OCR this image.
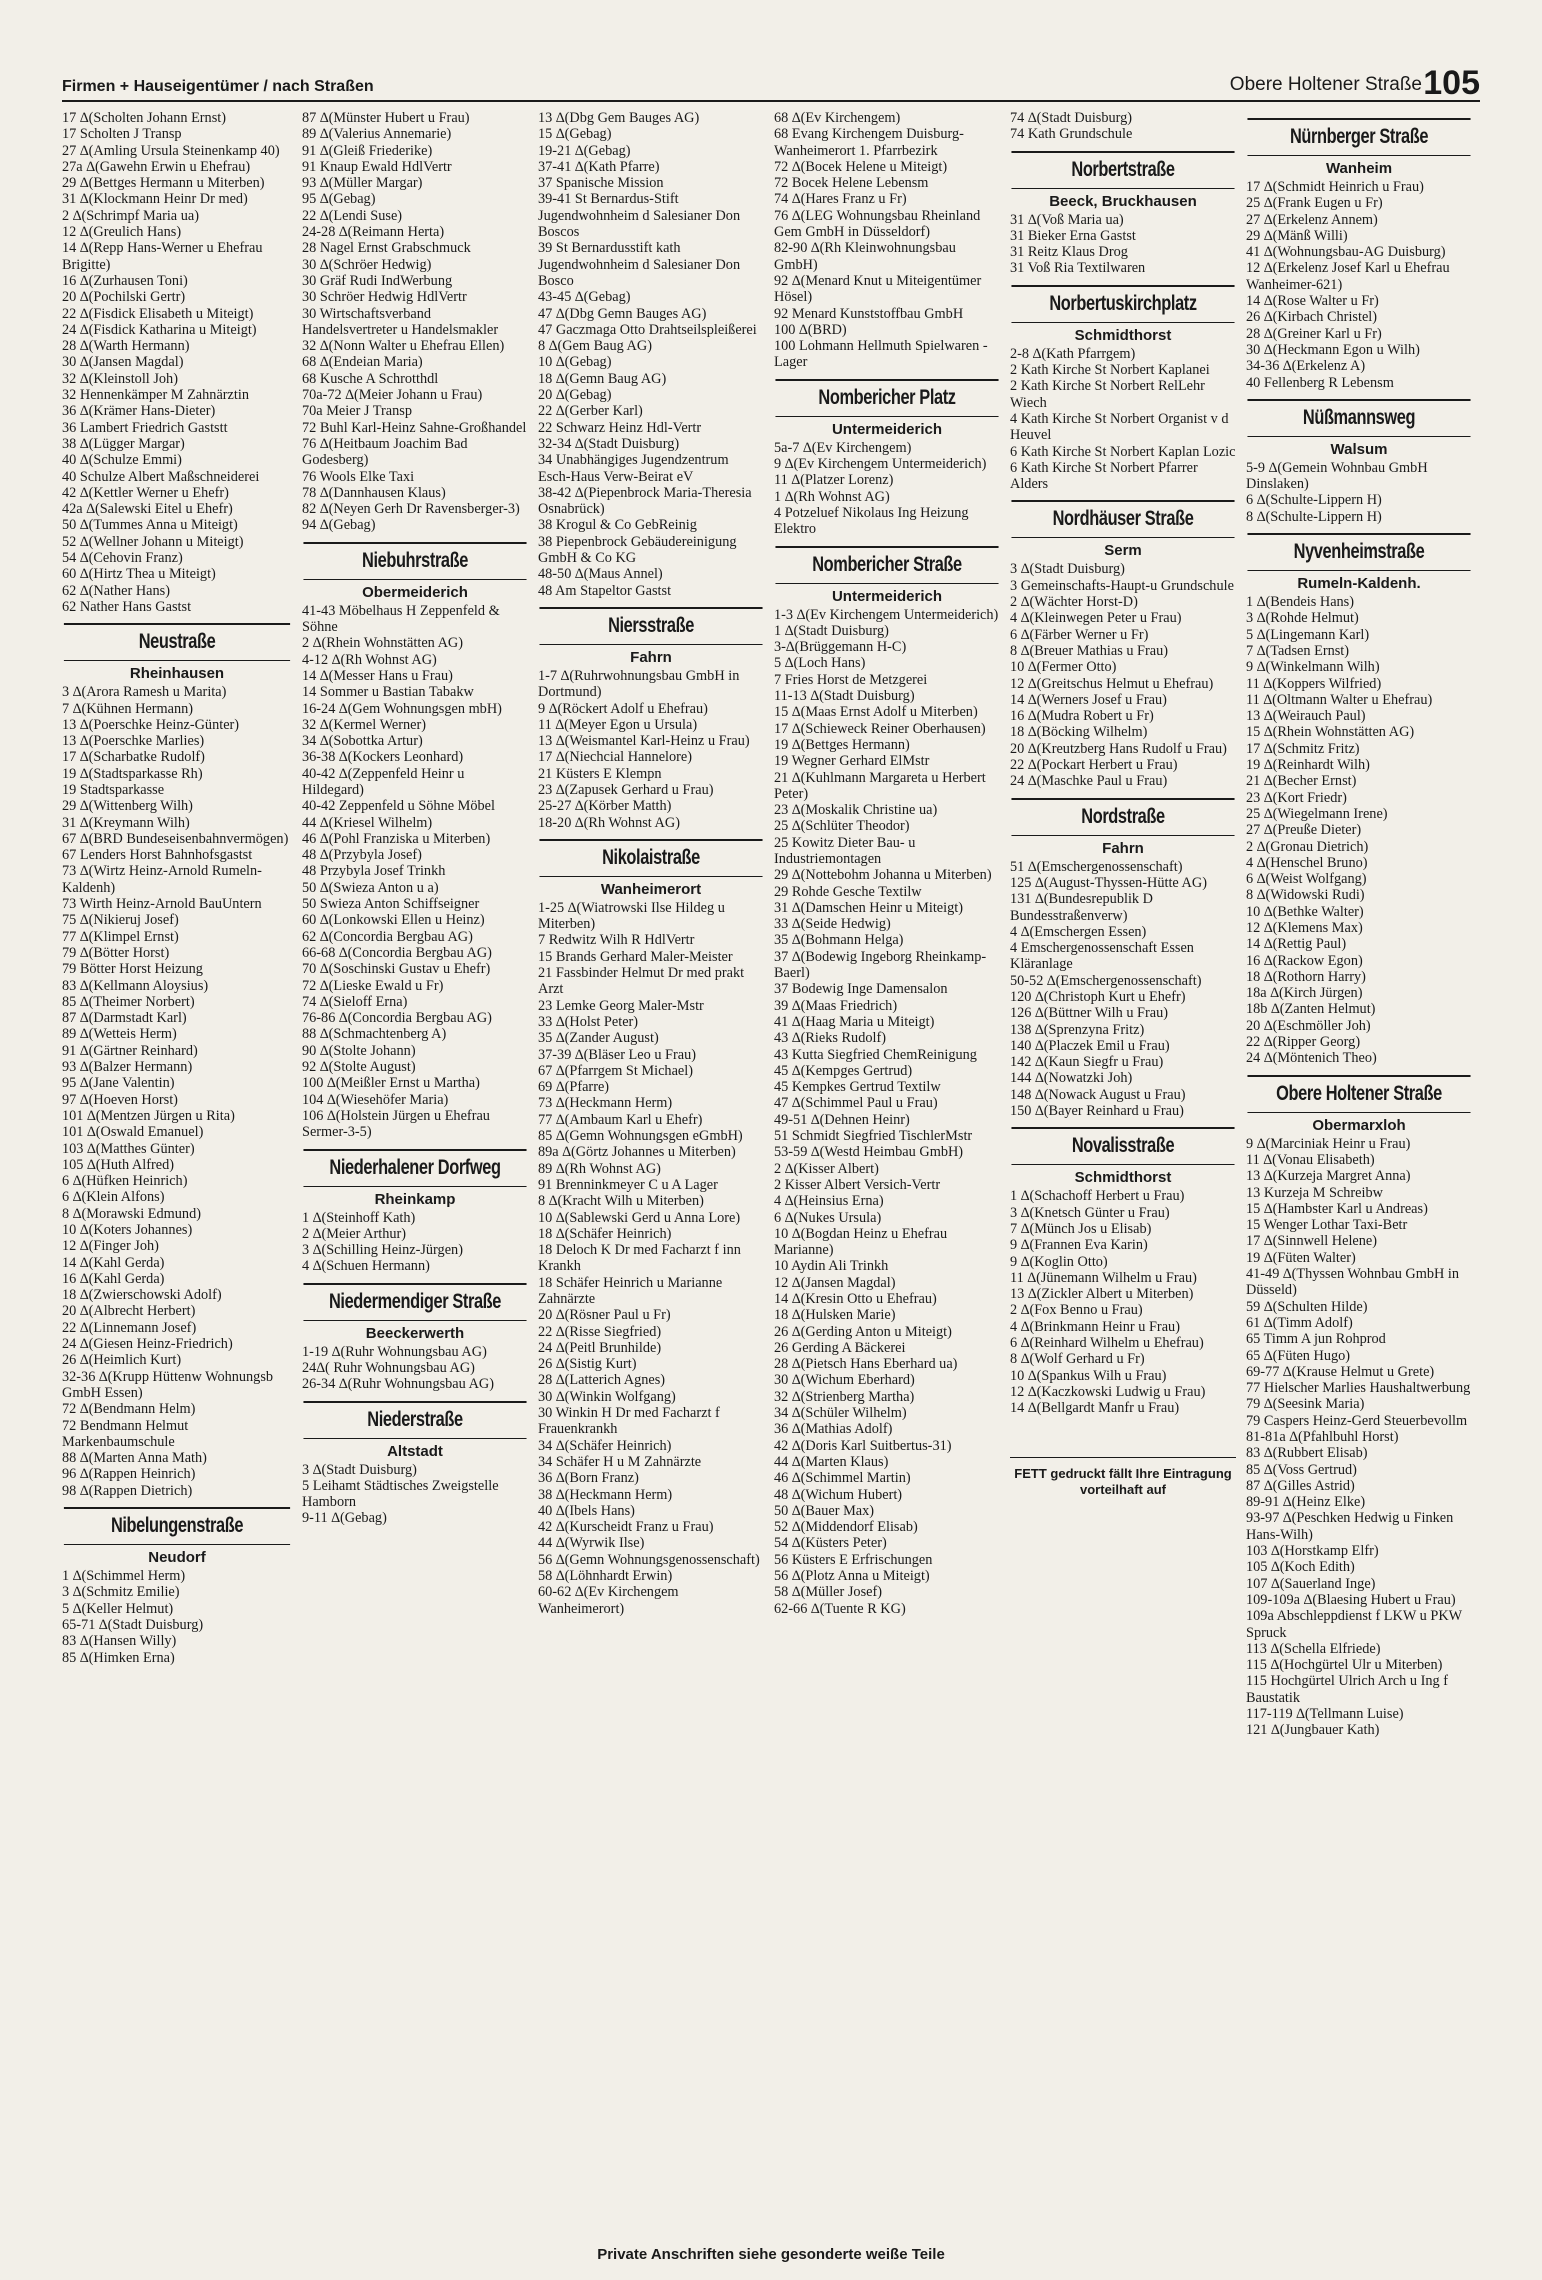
Firmen + Hauseigentümer / nach Straßen	Obere Holtener Straße 105

17 ∆(Scholten Johann Ernst)

17 Scholten J Transp

27 ∆(Amling Ursula Steinenkamp 40)

27a ∆(Gawehn Erwin u Ehefrau)

29 ∆(Bettges Hermann u Miterben)

31 ∆(Klockmann Heinr Dr med)

2 ∆(Schrimpf Maria ua)

12 ∆(Greulich Hans)

14 ∆(Repp Hans-Werner u Ehefrau Brigitte)

16 ∆(Zurhausen Toni)

20 ∆(Pochilski Gertr)

22 ∆(Fisdick Elisabeth u Miteigt)

24 ∆(Fisdick Katharina u Miteigt)

28 ∆(Warth Hermann)

30 ∆(Jansen Magdal)

32 ∆(Kleinstoll Joh)

32 Hennenkämper M Zahnärztin

36 ∆(Krämer Hans-Dieter)

36 Lambert Friedrich Gaststt

38 ∆(Lügger Margar)

40 ∆(Schulze Emmi)

40 Schulze Albert Maßschneiderei

42 ∆(Kettler Werner u Ehefr)

42a ∆(Salewski Eitel u Ehefr)

50 ∆(Tummes Anna u Miteigt)

52 ∆(Wellner Johann u Miteigt)

54 ∆(Cehovin Franz)

60 ∆(Hirtz Thea u Miteigt)

62 ∆(Nather Hans)

62 Nather Hans Gastst

Neustraße
Rheinhausen

3 ∆(Arora Ramesh u Marita)

7 ∆(Kühnen Hermann)

13 ∆(Poerschke Heinz-Günter)

13 ∆(Poerschke Marlies)

17 ∆(Scharbatke Rudolf)

19 ∆(Stadtsparkasse Rh)

19 Stadtsparkasse

29 ∆(Wittenberg Wilh)

31 ∆(Kreymann Wilh)

67 ∆(BRD Bundeseisenbahnvermögen)

67 Lenders Horst Bahnhofsgastst

73 ∆(Wirtz Heinz-Arnold Rumeln-Kaldenh)

73 Wirth Heinz-Arnold BauUntern

75 ∆(Nikieruj Josef)

77 ∆(Klimpel Ernst)

79 ∆(Bötter Horst)

79 Bötter Horst Heizung

83 ∆(Kellmann Aloysius)

85 ∆(Theimer Norbert)

87 ∆(Darmstadt Karl)

89 ∆(Wetteis Herm)

91 ∆(Gärtner Reinhard)

93 ∆(Balzer Hermann)

95 ∆(Jane Valentin)

97 ∆(Hoeven Horst)

101 ∆(Mentzen Jürgen u Rita)

101 ∆(Oswald Emanuel)

103 ∆(Matthes Günter)

105 ∆(Huth Alfred)

6 ∆(Hüfken Heinrich)

6 ∆(Klein Alfons)

8 ∆(Morawski Edmund)

10 ∆(Koters Johannes)

12 ∆(Finger Joh)

14 ∆(Kahl Gerda)

16 ∆(Kahl Gerda)

18 ∆(Zwierschowski Adolf)

20 ∆(Albrecht Herbert)

22 ∆(Linnemann Josef)

24 ∆(Giesen Heinz-Friedrich)

26 ∆(Heimlich Kurt)

32-36 ∆(Krupp Hüttenw Wohnungsb GmbH Essen)

72 ∆(Bendmann Helm)

72 Bendmann Helmut Markenbaumschule

88 ∆(Marten Anna Math)

96 ∆(Rappen Heinrich)

98 ∆(Rappen Dietrich)

Nibelungenstraße
Neudorf

1 ∆(Schimmel Herm)

3 ∆(Schmitz Emilie)

5 ∆(Keller Helmut)

65-71 ∆(Stadt Duisburg)

83 ∆(Hansen Willy)

85 ∆(Himken Erna)

87 ∆(Münster Hubert u Frau)

89 ∆(Valerius Annemarie)

91 ∆(Gleiß Friederike)

91 Knaup Ewald HdlVertr

93 ∆(Müller Margar)

95 ∆(Gebag)

22 ∆(Lendi Suse)

24-28 ∆(Reimann Herta)

28 Nagel Ernst Grabschmuck

30 ∆(Schröer Hedwig)

30 Gräf Rudi IndWerbung

30 Schröer Hedwig HdlVertr

30 Wirtschaftsverband Handelsvertreter u Handelsmakler

32 ∆(Nonn Walter u Ehefrau Ellen)

68 ∆(Endeian Maria)

68 Kusche A Schrotthdl

70a-72 ∆(Meier Johann u Frau)

70a Meier J Transp

72 Buhl Karl-Heinz Sahne-Großhandel

76 ∆(Heitbaum Joachim Bad Godesberg)

76 Wools Elke Taxi

78 ∆(Dannhausen Klaus)

82 ∆(Neyen Gerh Dr Ravensberger-3)

94 ∆(Gebag)

Niebuhrstraße
Obermeiderich

41-43 Möbelhaus H Zeppenfeld & Söhne

2 ∆(Rhein Wohnstätten AG)

4-12 ∆(Rh Wohnst AG)

14 ∆(Messer Hans u Frau)

14 Sommer u Bastian Tabakw

16-24 ∆(Gem Wohnungsgen mbH)

32 ∆(Kermel Werner)

34 ∆(Sobottka Artur)

36-38 ∆(Kockers Leonhard)

40-42 ∆(Zeppenfeld Heinr u Hildegard)

40-42 Zeppenfeld u Söhne Möbel

44 ∆(Kriesel Wilhelm)

46 ∆(Pohl Franziska u Miterben)

48 ∆(Przybyla Josef)

48 Przybyla Josef Trinkh

50 ∆(Swieza Anton u a)

50 Swieza Anton Schiffseigner

60 ∆(Lonkowski Ellen u Heinz)

62 ∆(Concordia Bergbau AG)

66-68 ∆(Concordia Bergbau AG)

70 ∆(Soschinski Gustav u Ehefr)

72 ∆(Lieske Ewald u Fr)

74 ∆(Sieloff Erna)

76-86 ∆(Concordia Bergbau AG)

88 ∆(Schmachtenberg A)

90 ∆(Stolte Johann)

92 ∆(Stolte August)

100 ∆(Meißler Ernst u Martha)

104 ∆(Wiesehöfer Maria)

106 ∆(Holstein Jürgen u Ehefrau Sermer-3-5)

Niederhalener Dorfweg
Rheinkamp

1 ∆(Steinhoff Kath)

2 ∆(Meier Arthur)

3 ∆(Schilling Heinz-Jürgen)

4 ∆(Schuen Hermann)

Niedermendiger Straße
Beeckerwerth

1-19 ∆(Ruhr Wohnungsbau AG)

24∆( Ruhr Wohnungsbau AG)

26-34 ∆(Ruhr Wohnungsbau AG)

Niederstraße
Altstadt

3 ∆(Stadt Duisburg)

5 Leihamt Städtisches Zweigstelle Hamborn

9-11 ∆(Gebag)

13 ∆(Dbg Gem Bauges AG)

15 ∆(Gebag)

19-21 ∆(Gebag)

37-41 ∆(Kath Pfarre)

37 Spanische Mission

39-41 St Bernardus-Stift Jugendwohnheim d Salesianer Don Boscos

39 St Bernardusstift kath Jugendwohnheim d Salesianer Don Bosco

43-45 ∆(Gebag)

47 ∆(Dbg Gemn Bauges AG)

47 Gaczmaga Otto Drahtseilspleißerei

8 ∆(Gem Baug AG)

10 ∆(Gebag)

18 ∆(Gemn Baug AG)

20 ∆(Gebag)

22 ∆(Gerber Karl)

22 Schwarz Heinz Hdl-Vertr

32-34 ∆(Stadt Duisburg)

34 Unabhängiges Jugendzentrum Esch-Haus Verw-Beirat eV

38-42 ∆(Piepenbrock Maria-Theresia Osnabrück)

38 Krogul & Co GebReinig

38 Piepenbrock Gebäudereinigung GmbH & Co KG

48-50 ∆(Maus Annel)

48 Am Stapeltor Gastst

Niersstraße
Fahrn

1-7 ∆(Ruhrwohnungsbau GmbH in Dortmund)

9 ∆(Röckert Adolf u Ehefrau)

11 ∆(Meyer Egon u Ursula)

13 ∆(Weismantel Karl-Heinz u Frau)

17 ∆(Niechcial Hannelore)

21 Küsters E Klempn

23 ∆(Zapusek Gerhard u Frau)

25-27 ∆(Körber Matth)

18-20 ∆(Rh Wohnst AG)

Nikolaistraße
Wanheimerort

1-25 ∆(Wiatrowski Ilse Hildeg u Miterben)

7 Redwitz Wilh R HdlVertr

15 Brands Gerhard Maler-Meister

21 Fassbinder Helmut Dr med prakt Arzt

23 Lemke Georg Maler-Mstr

33 ∆(Holst Peter)

35 ∆(Zander August)

37-39 ∆(Bläser Leo u Frau)

67 ∆(Pfarrgem St Michael)

69 ∆(Pfarre)

73 ∆(Heckmann Herm)

77 ∆(Ambaum Karl u Ehefr)

85 ∆(Gemn Wohnungsgen eGmbH)

89a ∆(Görtz Johannes u Miterben)

89 ∆(Rh Wohnst AG)

91 Brenninkmeyer C u A Lager

8 ∆(Kracht Wilh u Miterben)

10 ∆(Sablewski Gerd u Anna Lore)

18 ∆(Schäfer Heinrich)

18 Deloch K Dr med Facharzt f inn Krankh

18 Schäfer Heinrich u Marianne Zahnärzte

20 ∆(Rösner Paul u Fr)

22 ∆(Risse Siegfried)

24 ∆(Peitl Brunhilde)

26 ∆(Sistig Kurt)

28 ∆(Latterich Agnes)

30 ∆(Winkin Wolfgang)

30 Winkin H Dr med Facharzt f Frauenkrankh

34 ∆(Schäfer Heinrich)

34 Schäfer H u M Zahnärzte

36 ∆(Born Franz)

38 ∆(Heckmann Herm)

40 ∆(Ibels Hans)

42 ∆(Kurscheidt Franz u Frau)

44 ∆(Wyrwik Ilse)

56 ∆(Gemn Wohnungsgenossenschaft)

58 ∆(Löhnhardt Erwin)

60-62 ∆(Ev Kirchengem Wanheimerort)

68 ∆(Ev Kirchengem)

68 Evang Kirchengem Duisburg-Wanheimerort 1. Pfarrbezirk

72 ∆(Bocek Helene u Miteigt)

72 Bocek Helene Lebensm

74 ∆(Hares Franz u Fr)

76 ∆(LEG Wohnungsbau Rheinland Gem GmbH in Düsseldorf)

82-90 ∆(Rh Kleinwohnungsbau GmbH)

92 ∆(Menard Knut u Miteigentümer Hösel)

92 Menard Kunststoffbau GmbH

100 ∆(BRD)

100 Lohmann Hellmuth Spielwaren - Lager

Nombericher Platz
Untermeiderich

5a-7 ∆(Ev Kirchengem)

9 ∆(Ev Kirchengem Untermeiderich)

11 ∆(Platzer Lorenz)

1 ∆(Rh Wohnst AG)

4 Potzeluef Nikolaus Ing Heizung Elektro

Nombericher Straße
Untermeiderich

1-3 ∆(Ev Kirchengem Untermeiderich)

1 ∆(Stadt Duisburg)

3-∆(Brüggemann H-C)

5 ∆(Loch Hans)

7 Fries Horst de Metzgerei

11-13 ∆(Stadt Duisburg)

15 ∆(Maas Ernst Adolf u Miterben)

17 ∆(Schieweck Reiner Oberhausen)

19 ∆(Bettges Hermann)

19 Wegner Gerhard ElMstr

21 ∆(Kuhlmann Margareta u Herbert Peter)

23 ∆(Moskalik Christine ua)

25 ∆(Schlüter Theodor)

25 Kowitz Dieter Bau- u Industriemontagen

29 ∆(Nottebohm Johanna u Miterben)

29 Rohde Gesche Textilw

31 ∆(Damschen Heinr u Miteigt)

33 ∆(Seide Hedwig)

35 ∆(Bohmann Helga)

37 ∆(Bodewig Ingeborg Rheinkamp-Baerl)

37 Bodewig Inge Damensalon

39 ∆(Maas Friedrich)

41 ∆(Haag Maria u Miteigt)

43 ∆(Rieks Rudolf)

43 Kutta Siegfried ChemReinigung

45 ∆(Kempges Gertrud)

45 Kempkes Gertrud Textilw

47 ∆(Schimmel Paul u Frau)

49-51 ∆(Dehnen Heinr)

51 Schmidt Siegfried TischlerMstr

53-59 ∆(Westd Heimbau GmbH)

2 ∆(Kisser Albert)

2 Kisser Albert Versich-Vertr

4 ∆(Heinsius Erna)

6 ∆(Nukes Ursula)

10 ∆(Bogdan Heinz u Ehefrau Marianne)

10 Aydin Ali Trinkh

12 ∆(Jansen Magdal)

14 ∆(Kresin Otto u Ehefrau)

18 ∆(Hulsken Marie)

26 ∆(Gerding Anton u Miteigt)

26 Gerding A Bäckerei

28 ∆(Pietsch Hans Eberhard ua)

30 ∆(Wichum Eberhard)

32 ∆(Strienberg Martha)

34 ∆(Schüler Wilhelm)

36 ∆(Mathias Adolf)

42 ∆(Doris Karl Suitbertus-31)

44 ∆(Marten Klaus)

46 ∆(Schimmel Martin)

48 ∆(Wichum Hubert)

50 ∆(Bauer Max)

52 ∆(Middendorf Elisab)

54 ∆(Küsters Peter)

56 Küsters E Erfrischungen

56 ∆(Plotz Anna u Miteigt)

58 ∆(Müller Josef)

62-66 ∆(Tuente R KG)

74 ∆(Stadt Duisburg)

74 Kath Grundschule

Norbertstraße
Beeck, Bruckhausen

31 ∆(Voß Maria ua)

31 Bieker Erna Gastst

31 Reitz Klaus Drog

31 Voß Ria Textilwaren

Norbertuskirchplatz
Schmidthorst

2-8 ∆(Kath Pfarrgem)

2 Kath Kirche St Norbert Kaplanei

2 Kath Kirche St Norbert RelLehr Wiech

4 Kath Kirche St Norbert Organist v d Heuvel

6 Kath Kirche St Norbert Kaplan Lozic

6 Kath Kirche St Norbert Pfarrer Alders

Nordhäuser Straße
Serm

3 ∆(Stadt Duisburg)

3 Gemeinschafts-Haupt-u Grundschule

2 ∆(Wächter Horst-D)

4 ∆(Kleinwegen Peter u Frau)

6 ∆(Färber Werner u Fr)

8 ∆(Breuer Mathias u Frau)

10 ∆(Fermer Otto)

12 ∆(Greitschus Helmut u Ehefrau)

14 ∆(Werners Josef u Frau)

16 ∆(Mudra Robert u Fr)

18 ∆(Böcking Wilhelm)

20 ∆(Kreutzberg Hans Rudolf u Frau)

22 ∆(Pockart Herbert u Frau)

24 ∆(Maschke Paul u Frau)

Nordstraße
Fahrn

51 ∆(Emschergenossenschaft)

125 ∆(August-Thyssen-Hütte AG)

131 ∆(Bundesrepublik D Bundesstraßenverw)

4 ∆(Emschergen Essen)

4 Emschergenossenschaft Essen Kläranlage

50-52 ∆(Emschergenossenschaft)

120 ∆(Christoph Kurt u Ehefr)

126 ∆(Büttner Wilh u Frau)

138 ∆(Sprenzyna Fritz)

140 ∆(Placzek Emil u Frau)

142 ∆(Kaun Siegfr u Frau)

144 ∆(Nowatzki Joh)

148 ∆(Nowack August u Frau)

150 ∆(Bayer Reinhard u Frau)

Novalisstraße
Schmidthorst

1 ∆(Schachoff Herbert u Frau)

3 ∆(Knetsch Günter u Frau)

7 ∆(Münch Jos u Elisab)

9 ∆(Frannen Eva Karin)

9 ∆(Koglin Otto)

11 ∆(Jünemann Wilhelm u Frau)

13 ∆(Zickler Albert u Miterben)

2 ∆(Fox Benno u Frau)

4 ∆(Brinkmann Heinr u Frau)

6 ∆(Reinhard Wilhelm u Ehefrau)

8 ∆(Wolf Gerhard u Fr)

10 ∆(Spankus Wilh u Frau)

12 ∆(Kaczkowski Ludwig u Frau)

14 ∆(Bellgardt Manfr u Frau)

FETT gedruckt fällt Ihre Eintragung vorteilhaft auf
Nürnberger Straße
Wanheim

17 ∆(Schmidt Heinrich u Frau)

25 ∆(Frank Eugen u Fr)

27 ∆(Erkelenz Annem)

29 ∆(Mänß Willi)

41 ∆(Wohnungsbau-AG Duisburg)

12 ∆(Erkelenz Josef Karl u Ehefrau Wanheimer-621)

14 ∆(Rose Walter u Fr)

26 ∆(Kirbach Christel)

28 ∆(Greiner Karl u Fr)

30 ∆(Heckmann Egon u Wilh)

34-36 ∆(Erkelenz A)

40 Fellenberg R Lebensm

Nüßmannsweg
Walsum

5-9 ∆(Gemein Wohnbau GmbH Dinslaken)

6 ∆(Schulte-Lippern H)

8 ∆(Schulte-Lippern H)

Nyvenheimstraße
Rumeln-Kaldenh.

1 ∆(Bendeis Hans)

3 ∆(Rohde Helmut)

5 ∆(Lingemann Karl)

7 ∆(Tadsen Ernst)

9 ∆(Winkelmann Wilh)

11 ∆(Koppers Wilfried)

11 ∆(Oltmann Walter u Ehefrau)

13 ∆(Weirauch Paul)

15 ∆(Rhein Wohnstätten AG)

17 ∆(Schmitz Fritz)

19 ∆(Reinhardt Wilh)

21 ∆(Becher Ernst)

23 ∆(Kort Friedr)

25 ∆(Wiegelmann Irene)

27 ∆(Preuße Dieter)

2 ∆(Gronau Dietrich)

4 ∆(Henschel Bruno)

6 ∆(Weist Wolfgang)

8 ∆(Widowski Rudi)

10 ∆(Bethke Walter)

12 ∆(Klemens Max)

14 ∆(Rettig Paul)

16 ∆(Rackow Egon)

18 ∆(Rothorn Harry)

18a ∆(Kirch Jürgen)

18b ∆(Zanten Helmut)

20 ∆(Eschmöller Joh)

22 ∆(Ripper Georg)

24 ∆(Möntenich Theo)

Obere Holtener Straße
Obermarxloh

9 ∆(Marciniak Heinr u Frau)

11 ∆(Vonau Elisabeth)

13 ∆(Kurzeja Margret Anna)

13 Kurzeja M Schreibw

15 ∆(Hambster Karl u Andreas)

15 Wenger Lothar Taxi-Betr

17 ∆(Sinnwell Helene)

19 ∆(Füten Walter)

41-49 ∆(Thyssen Wohnbau GmbH in Düsseld)

59 ∆(Schulten Hilde)

61 ∆(Timm Adolf)

65 Timm A jun Rohprod

65 ∆(Füten Hugo)

69-77 ∆(Krause Helmut u Grete)

77 Hielscher Marlies Haushaltwerbung

79 ∆(Seesink Maria)

79 Caspers Heinz-Gerd Steuerbevollm

81-81a ∆(Pfahlbuhl Horst)

83 ∆(Rubbert Elisab)

85 ∆(Voss Gertrud)

87 ∆(Gilles Astrid)

89-91 ∆(Heinz Elke)

93-97 ∆(Peschken Hedwig u Finken Hans-Wilh)

103 ∆(Horstkamp Elfr)

105 ∆(Koch Edith)

107 ∆(Sauerland Inge)

109-109a ∆(Blaesing Hubert u Frau)

109a Abschleppdienst f LKW u PKW Spruck

113 ∆(Schella Elfriede)

115 ∆(Hochgürtel Ulr u Miterben)

115 Hochgürtel Ulrich Arch u Ing f Baustatik

117-119 ∆(Tellmann Luise)

121 ∆(Jungbauer Kath)

Private Anschriften siehe gesonderte weiße Teile
